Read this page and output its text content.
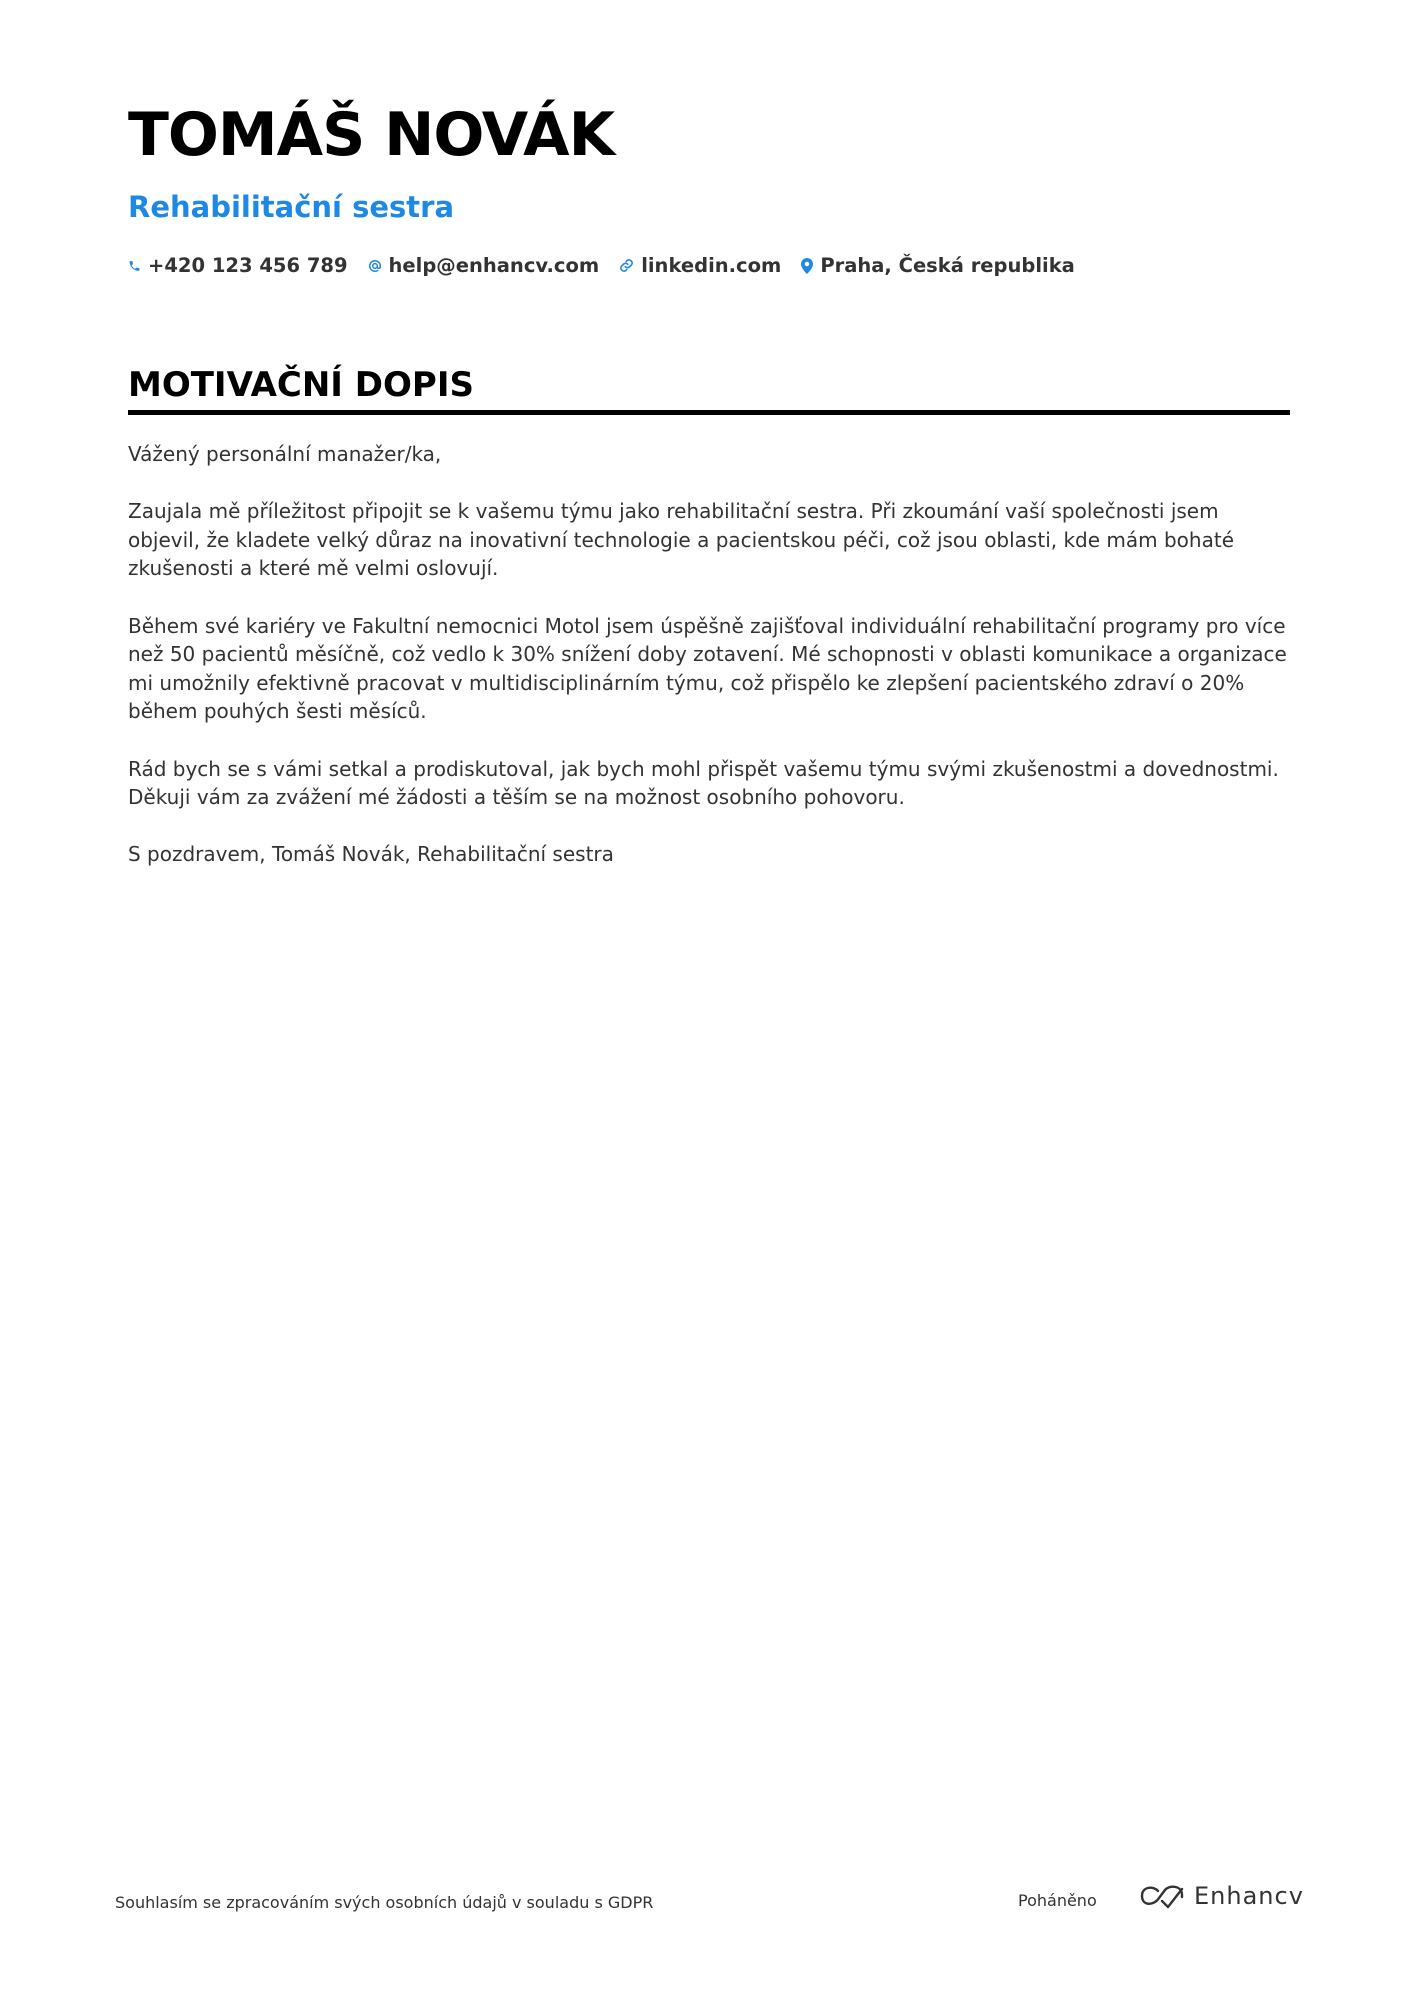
TOMÁŠ NOVÁK
Rehabilitační sestra
+420 123 456 789 help@enhancv.com linkedin.com Praha, Česká republika
MOTIVAČNÍ DOPIS

Vážený personální manažer/ka,

Zaujala mě příležitost připojit se k vašemu týmu jako rehabilitační sestra. Při zkoumání vaší společnosti jsem objevil, že kladete velký důraz na inovativní technologie a pacientskou péči, což jsou oblasti, kde mám bohaté zkušenosti a které mě velmi oslovují.

Během své kariéry ve Fakultní nemocnici Motol jsem úspěšně zajišťoval individuální rehabilitační programy pro více než 50 pacientů měsíčně, což vedlo k 30% snížení doby zotavení. Mé schopnosti v oblasti komunikace a organizace mi umožnily efektivně pracovat v multidisciplinárním týmu, což přispělo ke zlepšení pacientského zdraví o 20% během pouhých šesti měsíců.

Rád bych se s vámi setkal a prodiskutoval, jak bych mohl přispět vašemu týmu svými zkušenostmi a dovednostmi. Děkuji vám za zvážení mé žádosti a těším se na možnost osobního pohovoru.

S pozdravem, Tomáš Novák, Rehabilitační sestra

Souhlasím se zpracováním svých osobních údajů v souladu s GDPR	Poháněno	Enhancv
